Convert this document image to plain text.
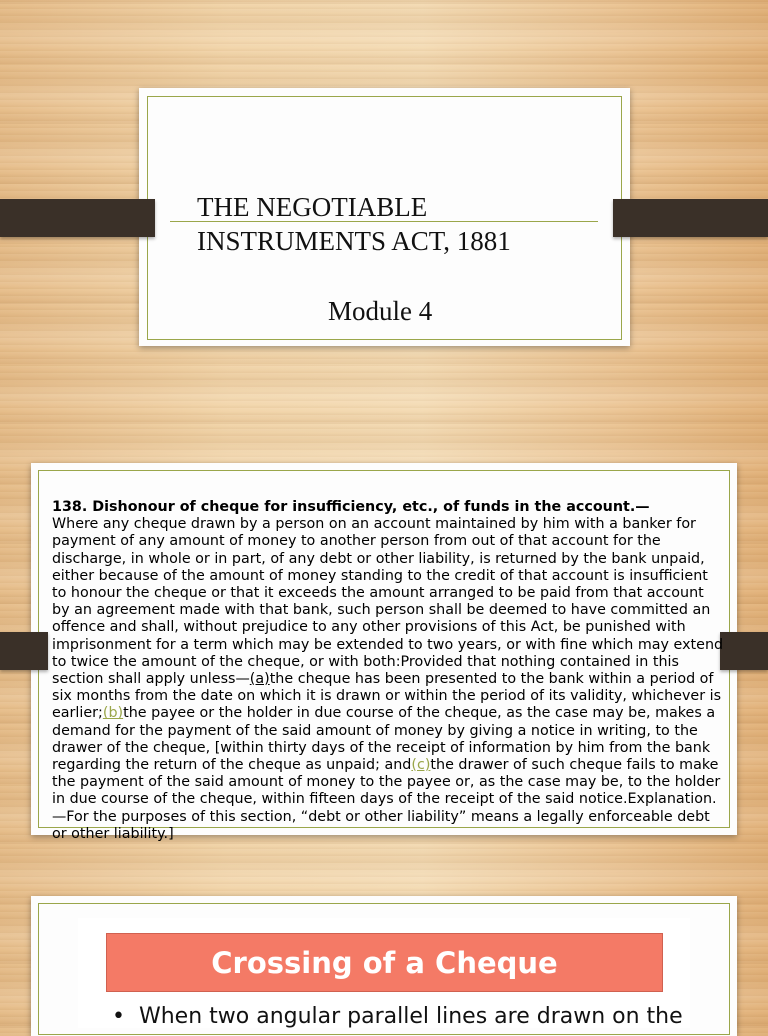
THE NEGOTIABLE INSTRUMENTS ACT, 1881
Module 4
138. Dishonour of cheque for insufficiency, etc., of funds in the account.—
Where any cheque drawn by a person on an account maintained by him with a banker for payment of any amount of money to another person from out of that account for the discharge, in whole or in part, of any debt or other liability, is returned by the bank unpaid, either because of the amount of money standing to the credit of that account is insufficient to honour the cheque or that it exceeds the amount arranged to be paid from that account by an agreement made with that bank, such person shall be deemed to have committed an offence and shall, without prejudice to any other provisions of this Act, be punished with imprisonment for a term which may be extended to two years, or with fine which may extend to twice the amount of the cheque, or with both:Provided that nothing contained in this section shall apply unless—(a)the cheque has been presented to the bank within a period of six months from the date on which it is drawn or within the period of its validity, whichever is earlier;(b)the payee or the holder in due course of the cheque, as the case may be, makes a demand for the payment of the said amount of money by giving a notice in writing, to the drawer of the cheque, [within thirty days of the receipt of information by him from the bank regarding the return of the cheque as unpaid; and(c)the drawer of such cheque fails to make the payment of the said amount of money to the payee or, as the case may be, to the holder in due course of the cheque, within fifteen days of the receipt of the said notice.Explanation.—For the purposes of this section, “debt or other liability” means a legally enforceable debt or other liability.]
Crossing of a Cheque
•  When two angular parallel lines are drawn on the
